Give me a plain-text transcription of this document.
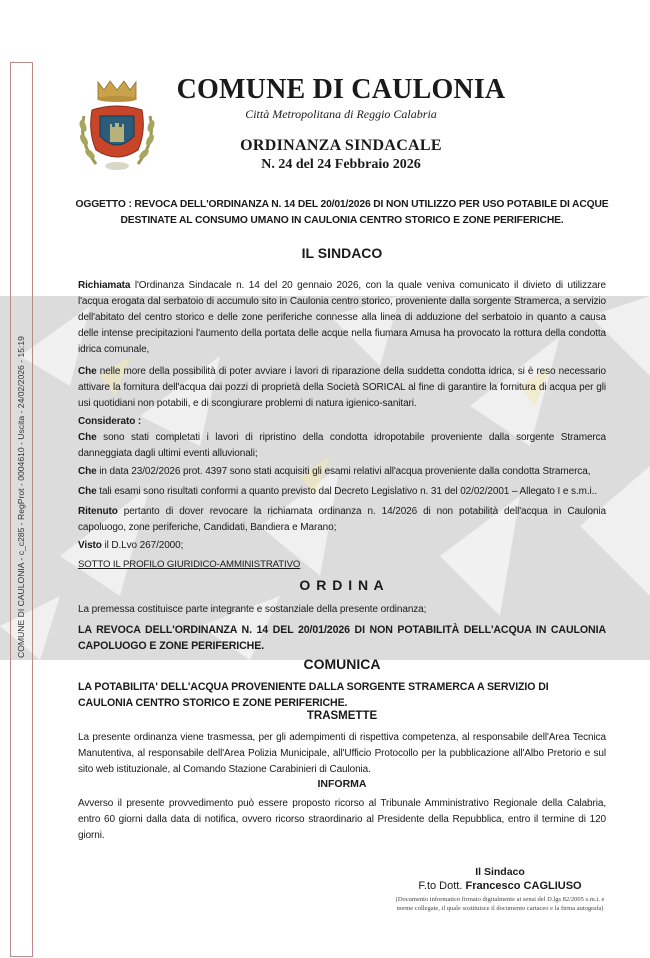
COMUNE DI CAULONIA - c_c285 - RegProt - 0004610 - Uscita - 24/02/2026 - 15:19
COMUNE DI CAULONIA
Città Metropolitana di Reggio Calabria
ORDINANZA SINDACALE
N. 24 del 24 Febbraio 2026
OGGETTO : REVOCA DELL'ORDINANZA N. 14 DEL 20/01/2026 DI NON UTILIZZO PER USO POTABILE DI ACQUE
DESTINATE AL CONSUMO UMANO IN CAULONIA CENTRO STORICO E ZONE PERIFERICHE.
IL SINDACO
Richiamata l'Ordinanza Sindacale n. 14 del 20 gennaio 2026, con la quale veniva comunicato il divieto di utilizzare l'acqua erogata dal serbatoio di accumulo sito in Caulonia centro storico, proveniente dalla sorgente Stramerca, a servizio dell'abitato del centro storico e delle zone periferiche connesse alla linea di adduzione del serbatoio in quanto a causa delle intense precipitazioni l'aumento della portata delle acque nella fiumara Amusa ha provocato la rottura della condotta idrica comunale,
Che nelle more della possibilità di poter avviare i lavori di riparazione della suddetta condotta idrica, si è reso necessario attivare la fornitura dell'acqua dai pozzi di proprietà della Società SORICAL al fine di garantire la fornitura di acqua per gli usi quotidiani non potabili, e di scongiurare problemi di natura igienico-sanitari.
Considerato :
Che sono stati completati i lavori di ripristino della condotta idropotabile proveniente dalla sorgente Stramerca danneggiata dagli ultimi eventi alluvionali;
Che in data 23/02/2026 prot. 4397 sono stati acquisiti gli esami relativi all'acqua proveniente dalla condotta Stramerca,
Che tali esami sono risultati conformi a quanto previsto dal Decreto Legislativo n. 31 del 02/02/2001 – Allegato I e s.m.i..
Ritenuto pertanto di dover revocare la richiamata ordinanza n. 14/2026 di non potabilità dell'acqua in Caulonia capoluogo, zone periferiche, Candidati, Bandiera e Marano;
Visto il D.Lvo 267/2000;
SOTTO IL PROFILO GIURIDICO-AMMINISTRATIVO
O R D I N A
La premessa costituisce parte integrante e sostanziale della presente ordinanza;
LA REVOCA DELL'ORDINANZA N. 14 DEL 20/01/2026 DI NON POTABILITÀ DELL'ACQUA IN CAULONIA CAPOLUOGO E ZONE PERIFERICHE.
COMUNICA
LA POTABILITA' DELL'ACQUA PROVENIENTE DALLA SORGENTE STRAMERCA A SERVIZIO DI CAULONIA CENTRO STORICO E ZONE PERIFERICHE.
TRASMETTE
La presente ordinanza viene trasmessa, per gli adempimenti di rispettiva competenza, al responsabile dell'Area Tecnica Manutentiva, al responsabile dell'Area Polizia Municipale, all'Ufficio Protocollo per la pubblicazione all'Albo Pretorio e sul sito web istituzionale, al Comando Stazione Carabinieri di Caulonia.
INFORMA
Avverso il presente provvedimento può essere proposto ricorso al Tribunale Amministrativo Regionale della Calabria, entro 60 giorni dalla data di notifica, ovvero ricorso straordinario al Presidente della Repubblica, entro il termine di 120 giorni.
Il Sindaco
F.to Dott. Francesco CAGLIUSO
(Documento informatico firmato digitalmente ai sensi del D.lgs 82/2005 s.m.i. e norme collegate, il quale sostituisce il documento cartaceo e la firma autografa)
